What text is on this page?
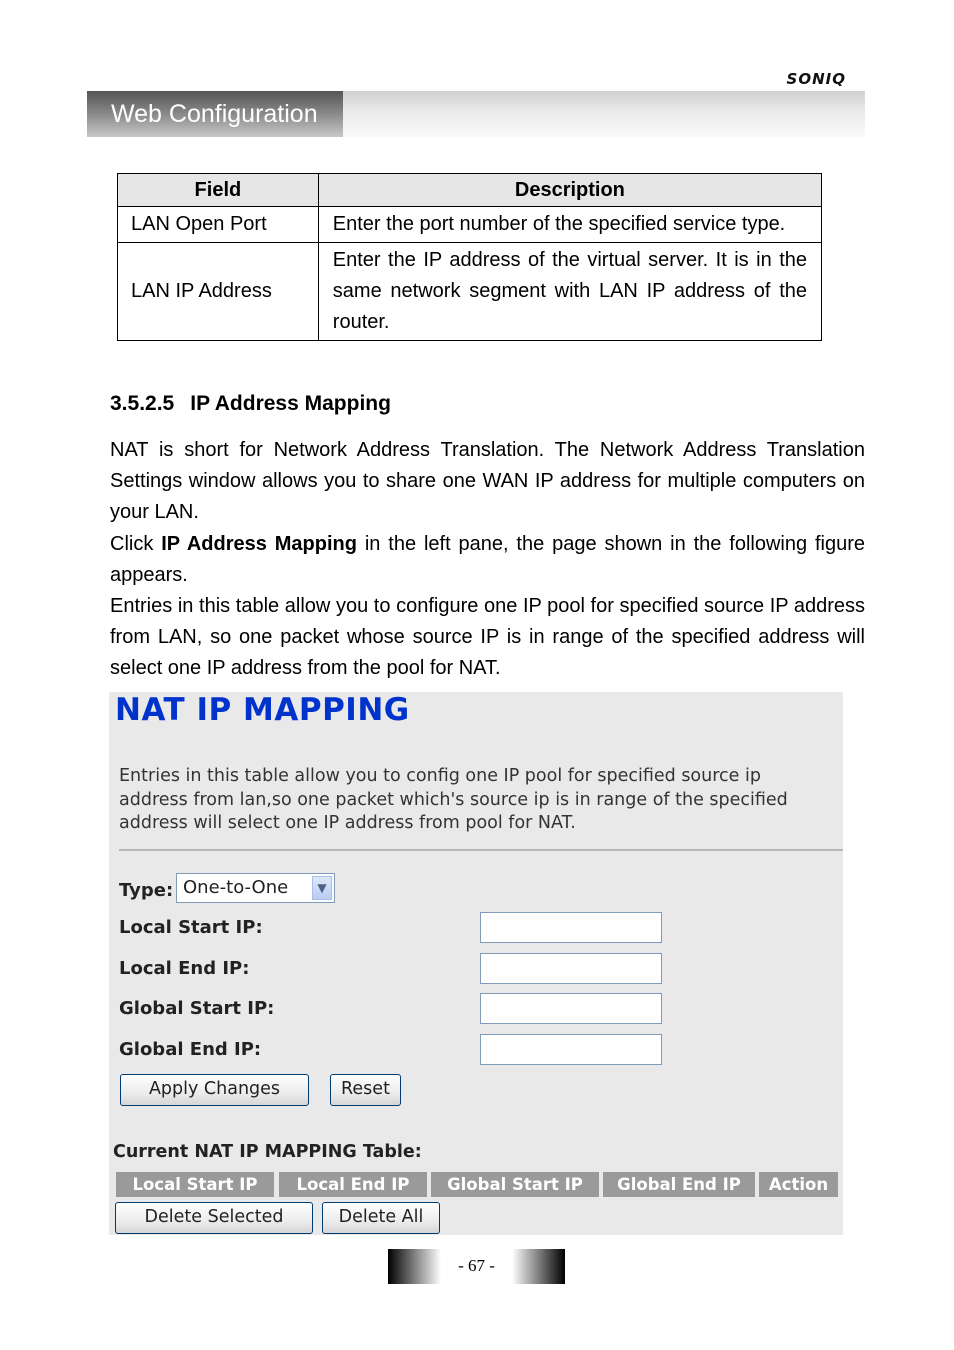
SONIQ
Web Configuration
Field	Description

LAN Open Port	Enter the port number of the specified service type.
LAN IP Address	Enter the IP address of the virtual server. It is in the same network segment with LAN IP address of the router.
3.5.2.5 IP Address Mapping

NAT is short for Network Address Translation. The Network Address Translation Settings window allows you to share one WAN IP address for multiple computers on your LAN.

Click IP Address Mapping in the left pane, the page shown in the following figure appears.

Entries in this table allow you to configure one IP pool for specified source IP address from LAN, so one packet whose source IP is in range of the specified address will select one IP address from the pool for NAT.

NAT IP MAPPING
Entries in this table allow you to config one IP pool for specified source ip address from lan,so one packet which's source ip is in range of the specified address will select one IP address from pool for NAT.
Type: One-to-One	▼
Local Start IP:
Local End IP:
Global Start IP:
Global End IP:
Apply Changes	Reset
Current NAT IP MAPPING Table:
Local Start IP	Local End IP	Global Start IP	Global End IP	Action
Delete Selected	Delete All
- 67 -
